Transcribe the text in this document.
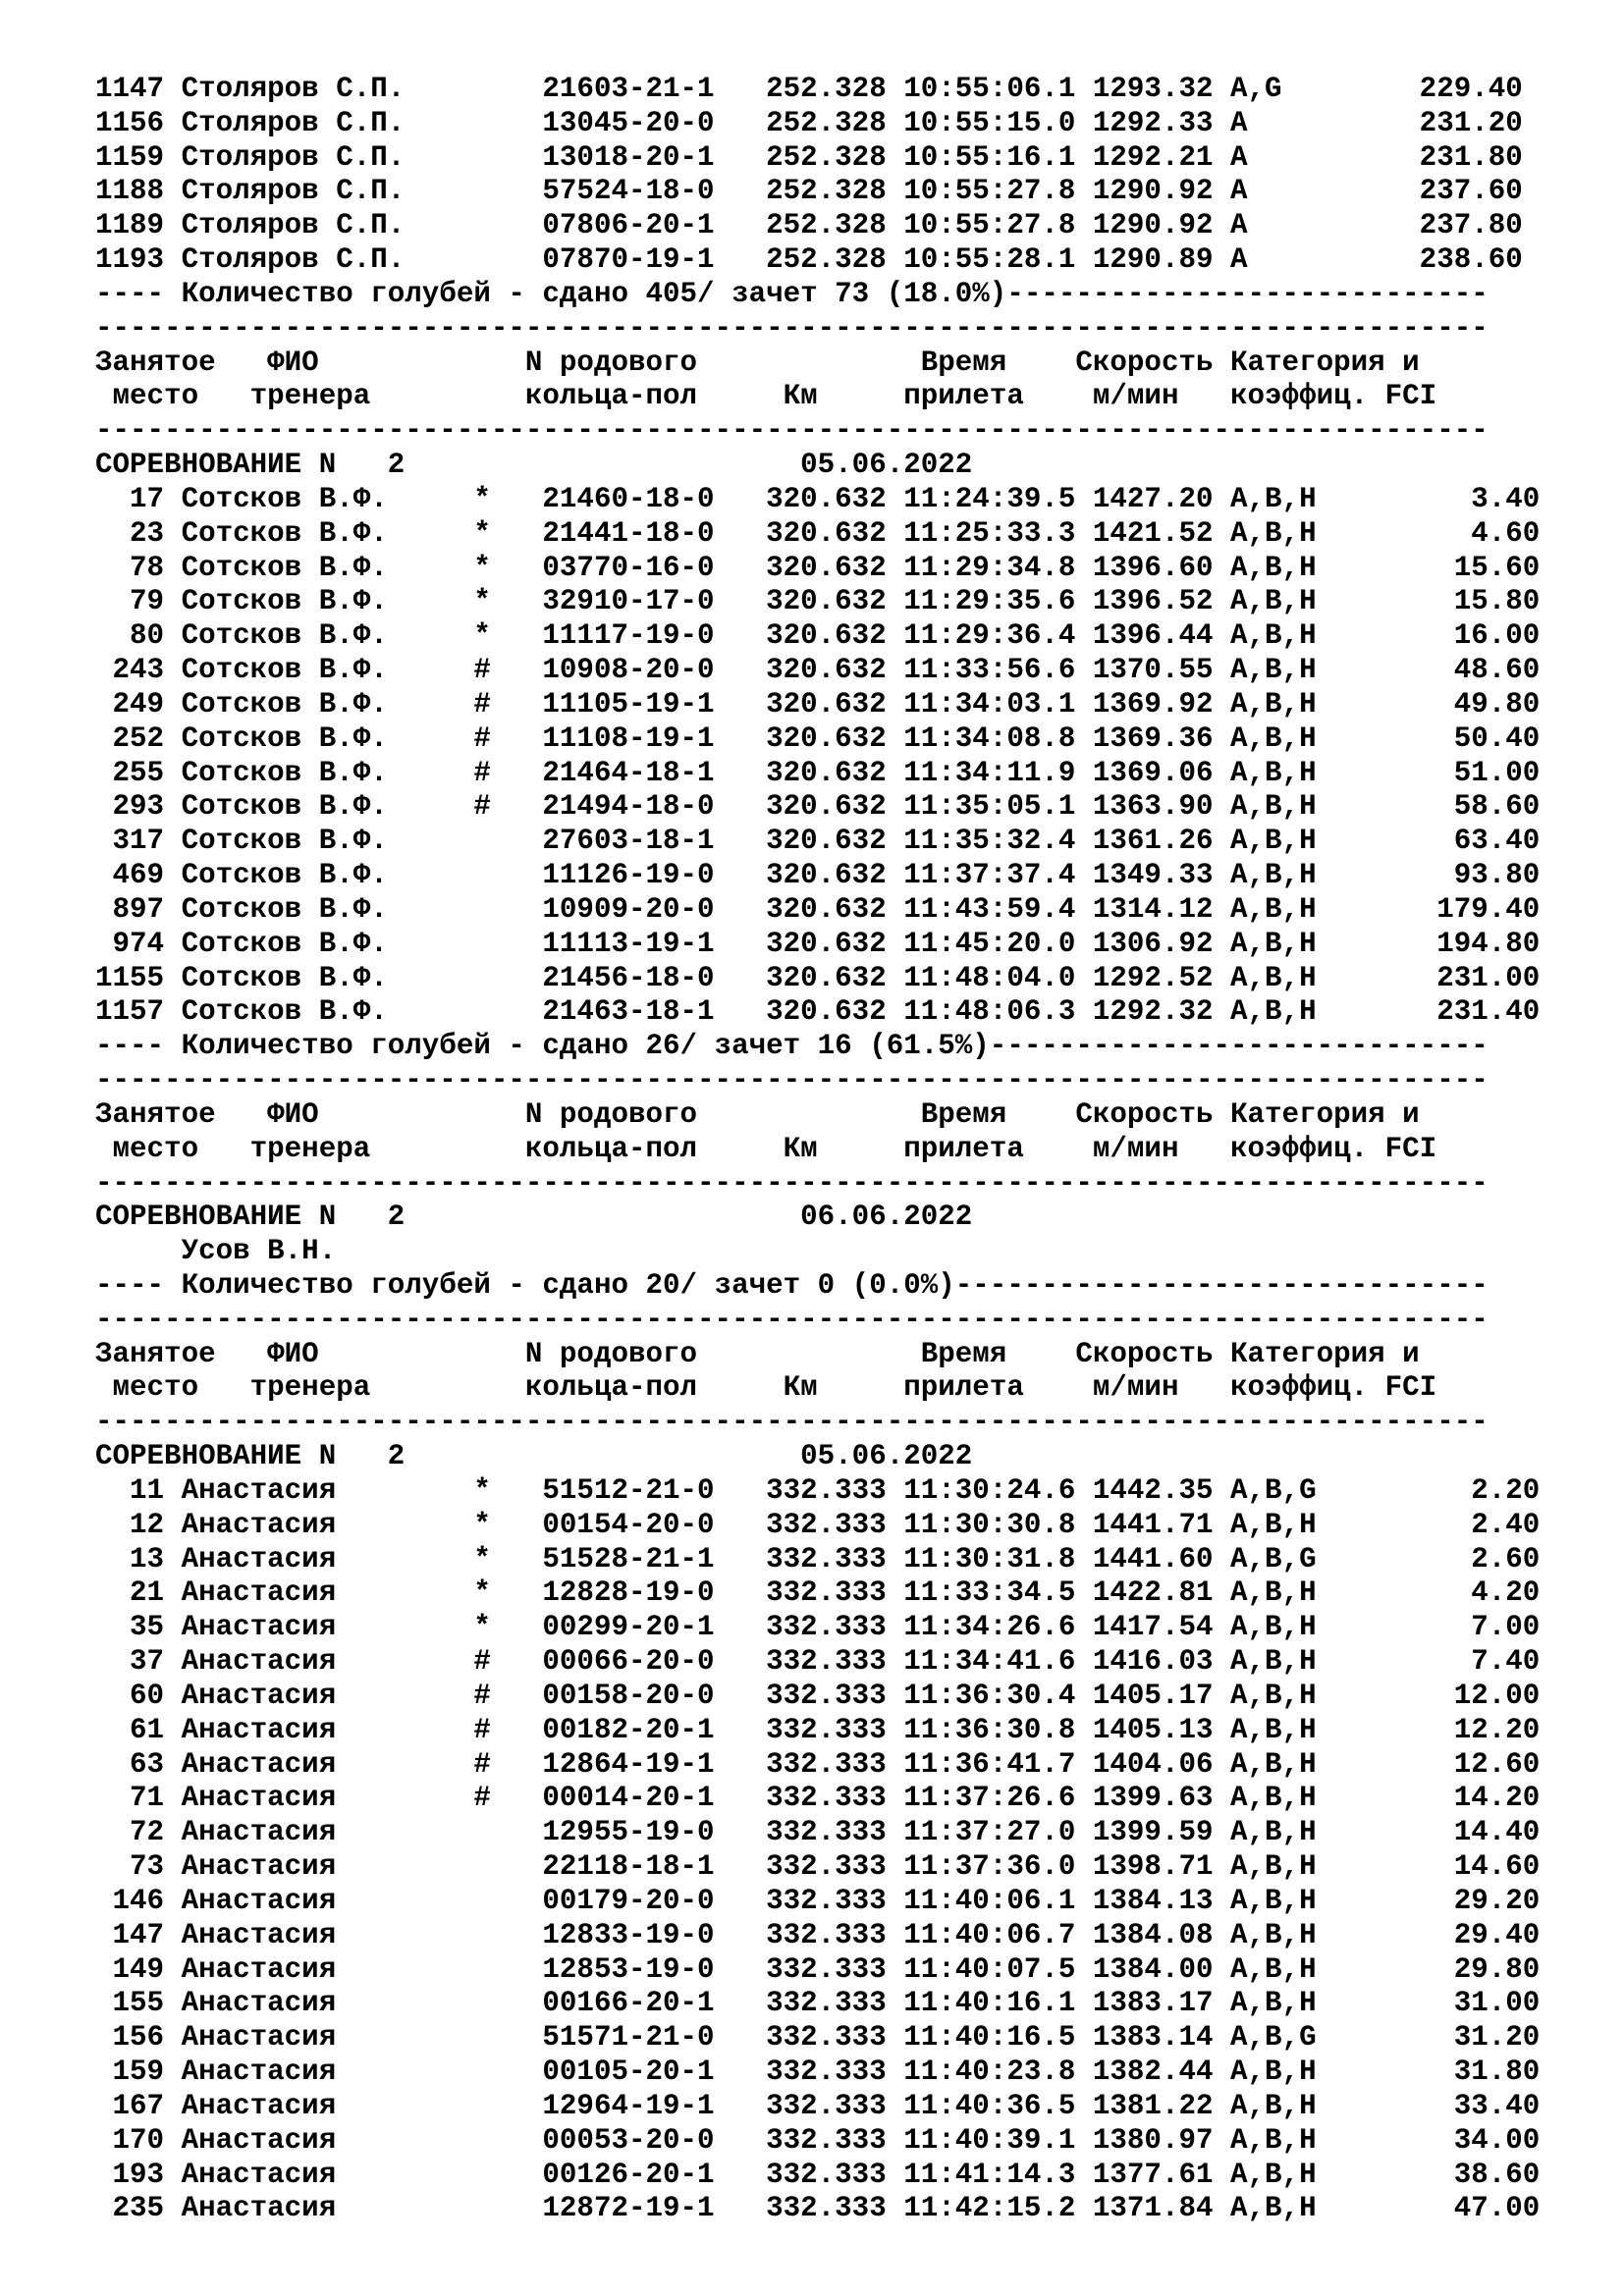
1147 Столяров С.П.        21603-21-1   252.328 10:55:06.1 1293.32 A,G        229.40
1156 Столяров С.П.        13045-20-0   252.328 10:55:15.0 1292.33 A          231.20
1159 Столяров С.П.        13018-20-1   252.328 10:55:16.1 1292.21 A          231.80
1188 Столяров С.П.        57524-18-0   252.328 10:55:27.8 1290.92 A          237.60
1189 Столяров С.П.        07806-20-1   252.328 10:55:27.8 1290.92 A          237.80
1193 Столяров С.П.        07870-19-1   252.328 10:55:28.1 1290.89 A          238.60
---- Количество голубей - сдано 405/ зачет 73 (18.0%)----------------------------
---------------------------------------------------------------------------------
Занятое   ФИО            N родового             Время    Скорость Категория и
место   тренера         кольца-пол     Км     прилета    м/мин   коэффиц. FCI
---------------------------------------------------------------------------------
СОРЕВНОВАНИЕ N   2                       05.06.2022
17 Сотсков В.Ф.     *   21460-18-0   320.632 11:24:39.5 1427.20 A,B,H         3.40
23 Сотсков В.Ф.     *   21441-18-0   320.632 11:25:33.3 1421.52 A,B,H         4.60
78 Сотсков В.Ф.     *   03770-16-0   320.632 11:29:34.8 1396.60 A,B,H        15.60
79 Сотсков В.Ф.     *   32910-17-0   320.632 11:29:35.6 1396.52 A,B,H        15.80
80 Сотсков В.Ф.     *   11117-19-0   320.632 11:29:36.4 1396.44 A,B,H        16.00
243 Сотсков В.Ф.     #   10908-20-0   320.632 11:33:56.6 1370.55 A,B,H        48.60
249 Сотсков В.Ф.     #   11105-19-1   320.632 11:34:03.1 1369.92 A,B,H        49.80
252 Сотсков В.Ф.     #   11108-19-1   320.632 11:34:08.8 1369.36 A,B,H        50.40
255 Сотсков В.Ф.     #   21464-18-1   320.632 11:34:11.9 1369.06 A,B,H        51.00
293 Сотсков В.Ф.     #   21494-18-0   320.632 11:35:05.1 1363.90 A,B,H        58.60
317 Сотсков В.Ф.         27603-18-1   320.632 11:35:32.4 1361.26 A,B,H        63.40
469 Сотсков В.Ф.         11126-19-0   320.632 11:37:37.4 1349.33 A,B,H        93.80
897 Сотсков В.Ф.         10909-20-0   320.632 11:43:59.4 1314.12 A,B,H       179.40
974 Сотсков В.Ф.         11113-19-1   320.632 11:45:20.0 1306.92 A,B,H       194.80
1155 Сотсков В.Ф.         21456-18-0   320.632 11:48:04.0 1292.52 A,B,H       231.00
1157 Сотсков В.Ф.         21463-18-1   320.632 11:48:06.3 1292.32 A,B,H       231.40
---- Количество голубей - сдано 26/ зачет 16 (61.5%)-----------------------------
---------------------------------------------------------------------------------
Занятое   ФИО            N родового             Время    Скорость Категория и
место   тренера         кольца-пол     Км     прилета    м/мин   коэффиц. FCI
---------------------------------------------------------------------------------
СОРЕВНОВАНИЕ N   2                       06.06.2022
Усов В.Н.
---- Количество голубей - сдано 20/ зачет 0 (0.0%)-------------------------------
---------------------------------------------------------------------------------
Занятое   ФИО            N родового             Время    Скорость Категория и
место   тренера         кольца-пол     Км     прилета    м/мин   коэффиц. FCI
---------------------------------------------------------------------------------
СОРЕВНОВАНИЕ N   2                       05.06.2022
11 Анастасия        *   51512-21-0   332.333 11:30:24.6 1442.35 A,B,G         2.20
12 Анастасия        *   00154-20-0   332.333 11:30:30.8 1441.71 A,B,H         2.40
13 Анастасия        *   51528-21-1   332.333 11:30:31.8 1441.60 A,B,G         2.60
21 Анастасия        *   12828-19-0   332.333 11:33:34.5 1422.81 A,B,H         4.20
35 Анастасия        *   00299-20-1   332.333 11:34:26.6 1417.54 A,B,H         7.00
37 Анастасия        #   00066-20-0   332.333 11:34:41.6 1416.03 A,B,H         7.40
60 Анастасия        #   00158-20-0   332.333 11:36:30.4 1405.17 A,B,H        12.00
61 Анастасия        #   00182-20-1   332.333 11:36:30.8 1405.13 A,B,H        12.20
63 Анастасия        #   12864-19-1   332.333 11:36:41.7 1404.06 A,B,H        12.60
71 Анастасия        #   00014-20-1   332.333 11:37:26.6 1399.63 A,B,H        14.20
72 Анастасия            12955-19-0   332.333 11:37:27.0 1399.59 A,B,H        14.40
73 Анастасия            22118-18-1   332.333 11:37:36.0 1398.71 A,B,H        14.60
146 Анастасия            00179-20-0   332.333 11:40:06.1 1384.13 A,B,H        29.20
147 Анастасия            12833-19-0   332.333 11:40:06.7 1384.08 A,B,H        29.40
149 Анастасия            12853-19-0   332.333 11:40:07.5 1384.00 A,B,H        29.80
155 Анастасия            00166-20-1   332.333 11:40:16.1 1383.17 A,B,H        31.00
156 Анастасия            51571-21-0   332.333 11:40:16.5 1383.14 A,B,G        31.20
159 Анастасия            00105-20-1   332.333 11:40:23.8 1382.44 A,B,H        31.80
167 Анастасия            12964-19-1   332.333 11:40:36.5 1381.22 A,B,H        33.40
170 Анастасия            00053-20-0   332.333 11:40:39.1 1380.97 A,B,H        34.00
193 Анастасия            00126-20-1   332.333 11:41:14.3 1377.61 A,B,H        38.60
235 Анастасия            12872-19-1   332.333 11:42:15.2 1371.84 A,B,H        47.00
